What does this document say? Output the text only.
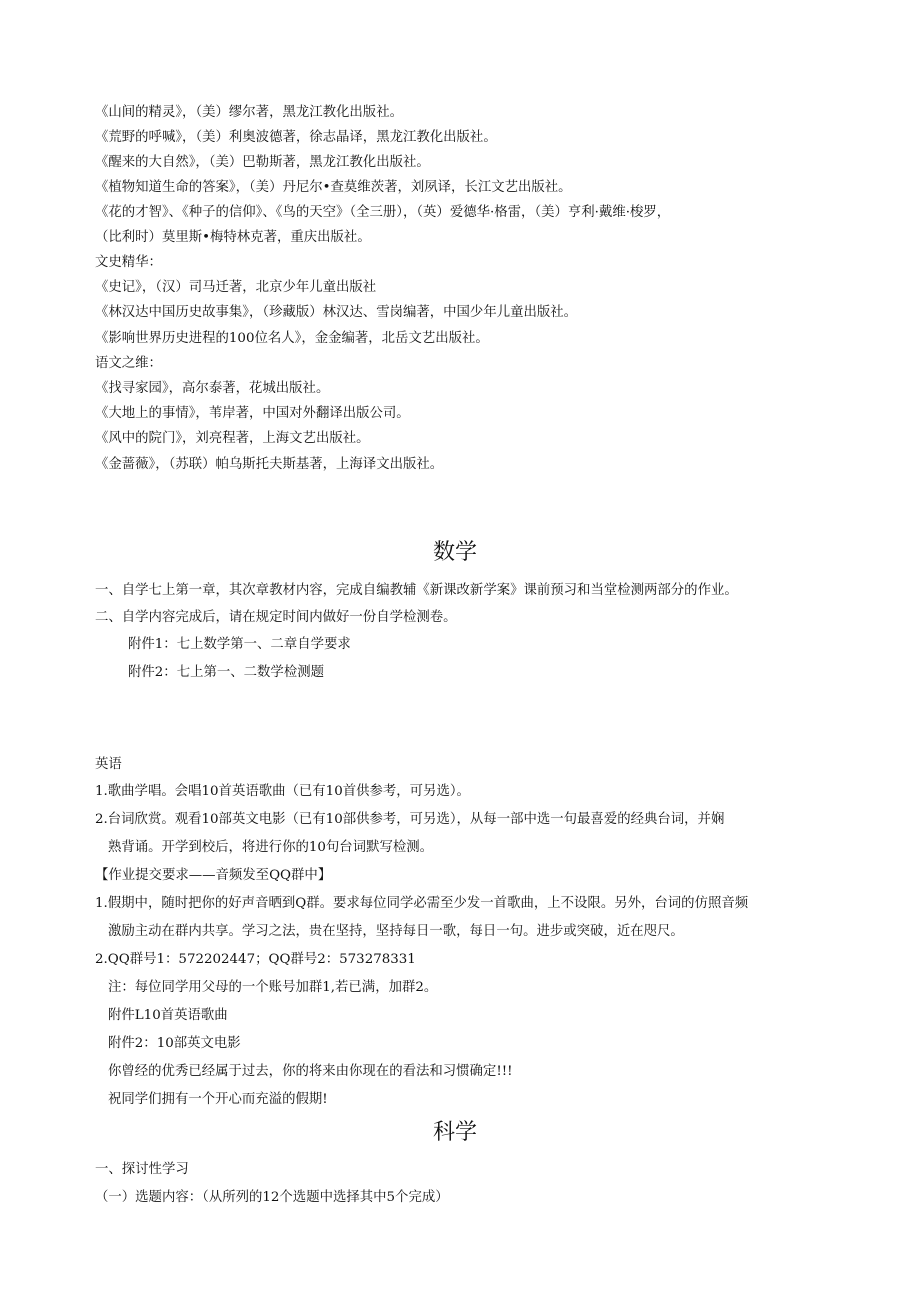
《山间的精灵》，（美）缪尔著，黑龙江教化出版社。
《荒野的呼喊》，（美）利奥波德著，徐志晶译，黑龙江教化出版社。
《醒来的大自然》，（美）巴勒斯著，黑龙江教化出版社。
《植物知道生命的答案》，（美）丹尼尔•查莫维茨著，刘夙译，长江文艺出版社。
《花的才智》、《种子的信仰》、《鸟的天空》（全三册），（英）爱德华·格雷，（美）亨利·戴维·梭罗，
（比利时）莫里斯•梅特林克著，重庆出版社。
文史精华：
《史记》，（汉）司马迁著，北京少年儿童出版社
《林汉达中国历史故事集》，（珍藏版）林汉达、雪岗编著，中国少年儿童出版社。
《影响世界历史进程的100位名人》，金金编著，北岳文艺出版社。
语文之维：
《找寻家园》，高尔泰著，花城出版社。
《大地上的事情》，苇岸著，中国对外翻译出版公司。
《风中的院门》，刘亮程著，上海文艺出版社。
《金蔷薇》，（苏联）帕乌斯托夫斯基著，上海译文出版社。
数学
一、自学七上第一章，其次章教材内容，完成自编教辅《新课改新学案》课前预习和当堂检测两部分的作业。
二、自学内容完成后，请在规定时间内做好一份自学检测卷。
附件1：七上数学第一、二章自学要求
附件2：七上第一、二数学检测题
英语
1.歌曲学唱。会唱10首英语歌曲（已有10首供参考，可另选）。
2.台词欣赏。观看10部英文电影（已有10部供参考，可另选），从每一部中选一句最喜爱的经典台词，并娴
熟背诵。开学到校后，将进行你的10句台词默写检测。
【作业提交要求——音频发至QQ群中】
1.假期中，随时把你的好声音晒到Q群。要求每位同学必需至少发一首歌曲，上不设限。另外，台词的仿照音频
激励主动在群内共享。学习之法，贵在坚持，坚持每日一歌，每日一句。进步或突破，近在咫尺。
2.QQ群号1：572202447；QQ群号2：573278331
注：每位同学用父母的一个账号加群1,若已满，加群2。
附件L10首英语歌曲
附件2：10部英文电影
你曾经的优秀已经属于过去，你的将来由你现在的看法和习惯确定!!!
祝同学们拥有一个开心而充溢的假期!
科学
一、探讨性学习
（一）选题内容：（从所列的12个选题中选择其中5个完成）
